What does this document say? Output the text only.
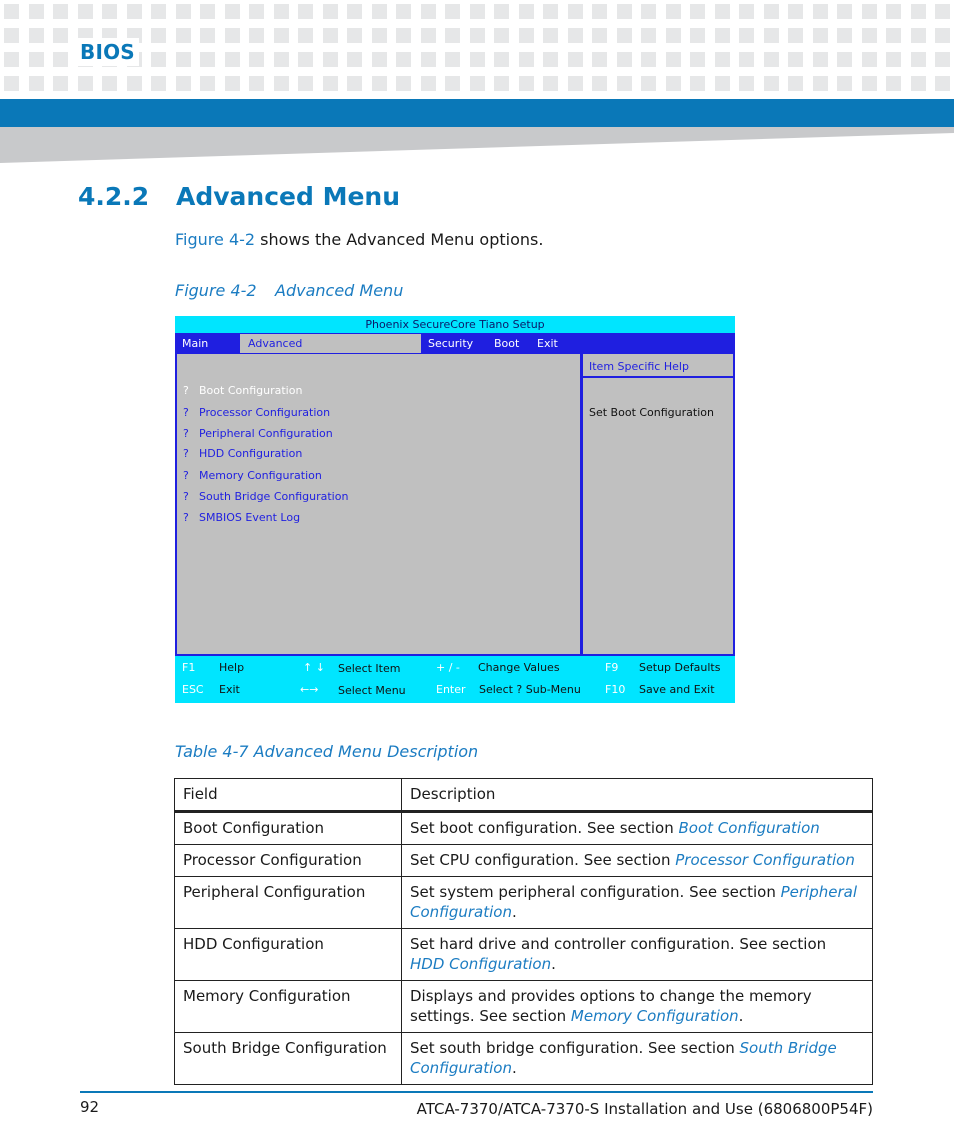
BIOS
4.2.2 Advanced Menu
Figure 4-2 shows the Advanced Menu options.
Figure 4-2 Advanced Menu
Phoenix SecureCore Tiano Setup
Main	Advanced	Security Boot Exit
? Boot Configuration
? Processor Configuration
? Peripheral Configuration
? HDD Configuration
? Memory Configuration
? South Bridge Configuration
? SMBIOS Event Log
Item Specific Help
Set Boot Configuration
F1 Help	↑ ↓ Select Item	+ / - Change Values	F9 Setup Defaults
ESC Exit	←→ Select Menu	Enter Select ? Sub-Menu F10 Save and Exit
Table 4-7 Advanced Menu Description
Field	Description
Boot Configuration	Set boot configuration. See section Boot Configuration
Processor Configuration	Set CPU configuration. See section Processor Configuration
Peripheral Configuration	Set system peripheral configuration. See section Peripheral Configuration.
HDD Configuration	Set hard drive and controller configuration. See section HDD Configuration.
Memory Configuration	Displays and provides options to change the memory settings. See section Memory Configuration.
South Bridge Configuration	Set south bridge configuration. See section South Bridge Configuration.
92	ATCA-7370/ATCA-7370-S Installation and Use (6806800P54F)
